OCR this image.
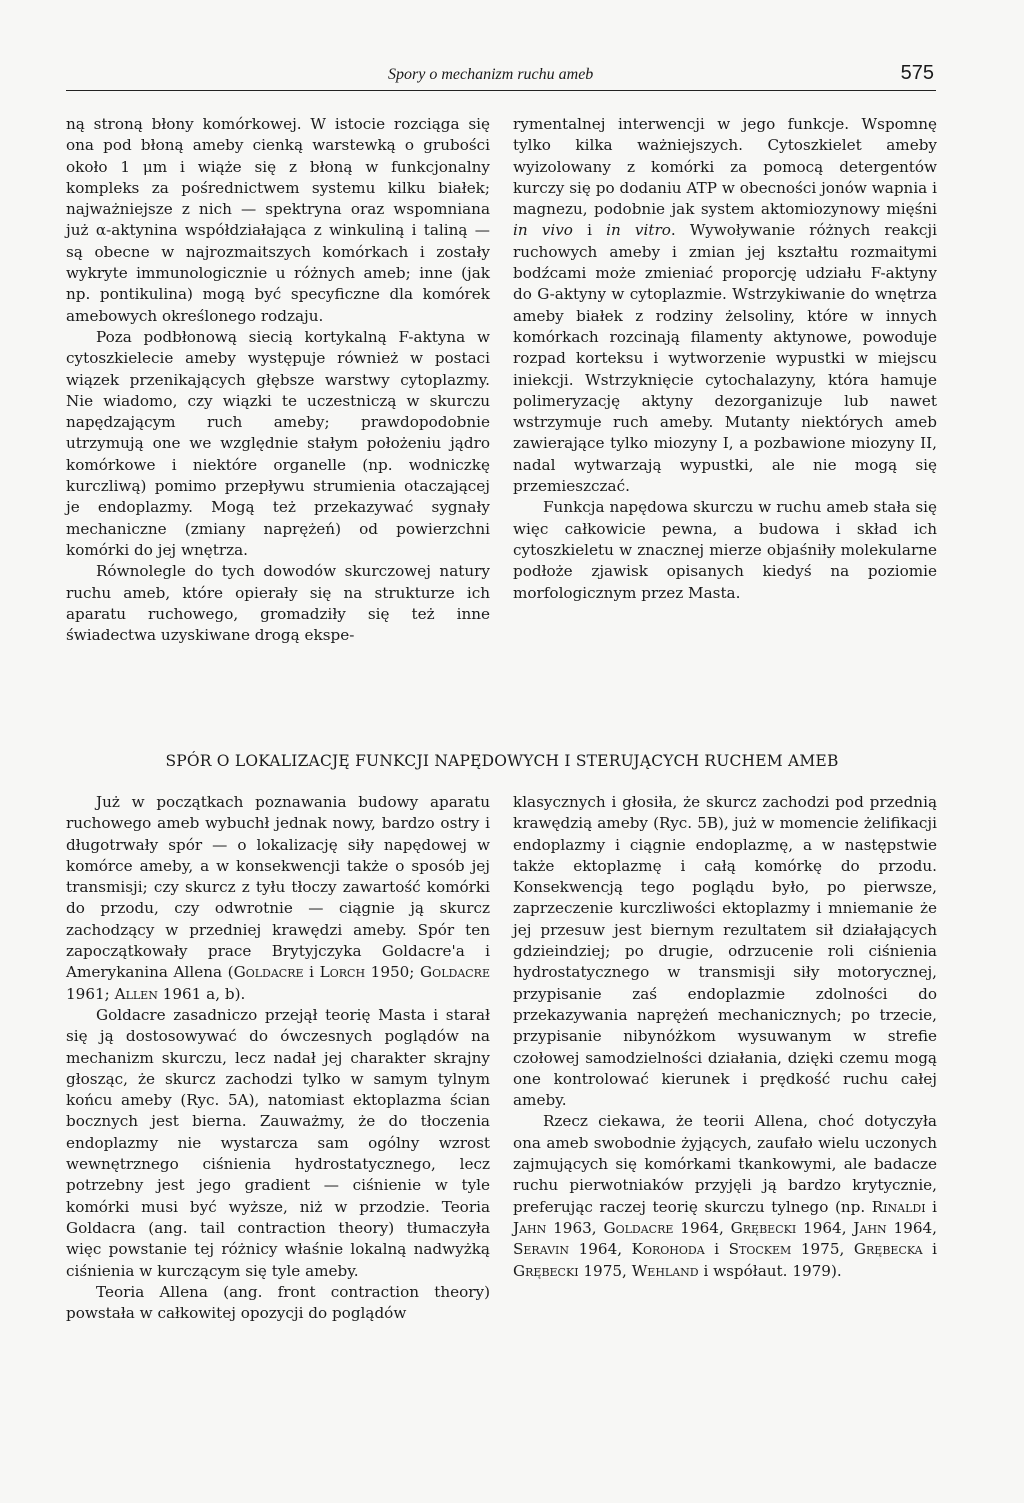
Spory o mechanizm ruchu ameb	575

ną stroną błony komórkowej. W istocie rozciąga się ona pod błoną ameby cienką warstewką o grubości około 1 μm i wiąże się z błoną w funkcjonalny kompleks za pośrednictwem systemu kilku białek; najważniejsze z nich — spektryna oraz wspomniana już α-aktynina współdziałająca z winkuliną i taliną — są obecne w najrozmaitszych komórkach i zostały wykryte immunologicznie u różnych ameb; inne (jak np. pontikulina) mogą być specyficzne dla komórek amebowych określonego rodzaju.

Poza podbłonową siecią kortykalną F-aktyna w cytoszkielecie ameby występuje również w postaci wiązek przenikających głębsze warstwy cytoplazmy. Nie wiadomo, czy wiązki te uczestniczą w skurczu napędzającym ruch ameby; prawdopodobnie utrzymują one we względnie stałym położeniu jądro komórkowe i niektóre organelle (np. wodniczkę kurczliwą) pomimo przepływu strumienia otaczającej je endoplazmy. Mogą też przekazywać sygnały mechaniczne (zmiany naprężeń) od powierzchni komórki do jej wnętrza.

Równolegle do tych dowodów skurczowej natury ruchu ameb, które opierały się na strukturze ich aparatu ruchowego, gromadziły się też inne świadectwa uzyskiwane drogą ekspe-

rymentalnej interwencji w jego funkcje. Wspomnę tylko kilka ważniejszych. Cytoszkielet ameby wyizolowany z komórki za pomocą detergentów kurczy się po dodaniu ATP w obecności jonów wapnia i magnezu, podobnie jak system aktomiozynowy mięśni in vivo i in vitro. Wywoływanie różnych reakcji ruchowych ameby i zmian jej kształtu rozmaitymi bodźcami może zmieniać proporcję udziału F-aktyny do G-aktyny w cytoplazmie. Wstrzykiwanie do wnętrza ameby białek z rodziny żelsoliny, które w innych komórkach rozcinają filamenty aktynowe, powoduje rozpad korteksu i wytworzenie wypustki w miejscu iniekcji. Wstrzyknięcie cytochalazyny, która hamuje polimeryzację aktyny dezorganizuje lub nawet wstrzymuje ruch ameby. Mutanty niektórych ameb zawierające tylko miozyny I, a pozbawione miozyny II, nadal wytwarzają wypustki, ale nie mogą się przemieszczać.

Funkcja napędowa skurczu w ruchu ameb stała się więc całkowicie pewna, a budowa i skład ich cytoszkieletu w znacznej mierze objaśniły molekularne podłoże zjawisk opisanych kiedyś na poziomie morfologicznym przez Masta.

SPÓR O LOKALIZACJĘ FUNKCJI NAPĘDOWYCH I STERUJĄCYCH RUCHEM AMEB

Już w początkach poznawania budowy aparatu ruchowego ameb wybuchł jednak nowy, bardzo ostry i długotrwały spór — o lokalizację siły napędowej w komórce ameby, a w konsekwencji także o sposób jej transmisji; czy skurcz z tyłu tłoczy zawartość komórki do przodu, czy odwrotnie — ciągnie ją skurcz zachodzący w przedniej krawędzi ameby. Spór ten zapoczątkowały prace Brytyjczyka Goldacre'a i Amerykanina Allena (Goldacre i Lorch 1950; Goldacre 1961; Allen 1961 a, b).

Goldacre zasadniczo przejął teorię Masta i starał się ją dostosowywać do ówczesnych poglądów na mechanizm skurczu, lecz nadał jej charakter skrajny głosząc, że skurcz zachodzi tylko w samym tylnym końcu ameby (Ryc. 5A), natomiast ektoplazma ścian bocznych jest bierna. Zauważmy, że do tłoczenia endoplazmy nie wystarcza sam ogólny wzrost wewnętrznego ciśnienia hydrostatycznego, lecz potrzebny jest jego gradient — ciśnienie w tyle komórki musi być wyższe, niż w przodzie. Teoria Goldacra (ang. tail contraction theory) tłumaczyła więc powstanie tej różnicy właśnie lokalną nadwyżką ciśnienia w kurczącym się tyle ameby.

Teoria Allena (ang. front contraction theory) powstała w całkowitej opozycji do poglądów

klasycznych i głosiła, że skurcz zachodzi pod przednią krawędzią ameby (Ryc. 5B), już w momencie żelifikacji endoplazmy i ciągnie endoplazmę, a w następstwie także ektoplazmę i całą komórkę do przodu. Konsekwencją tego poglądu było, po pierwsze, zaprzeczenie kurczliwości ektoplazmy i mniemanie że jej przesuw jest biernym rezultatem sił działających gdzieindziej; po drugie, odrzucenie roli ciśnienia hydrostatycznego w transmisji siły motorycznej, przypisanie zaś endoplazmie zdolności do przekazywania naprężeń mechanicznych; po trzecie, przypisanie nibynóżkom wysuwanym w strefie czołowej samodzielności działania, dzięki czemu mogą one kontrolować kierunek i prędkość ruchu całej ameby.

Rzecz ciekawa, że teorii Allena, choć dotyczyła ona ameb swobodnie żyjących, zaufało wielu uczonych zajmujących się komórkami tkankowymi, ale badacze ruchu pierwotniaków przyjęli ją bardzo krytycznie, preferując raczej teorię skurczu tylnego (np. Rinaldi i Jahn 1963, Goldacre 1964, Grębecki 1964, Jahn 1964, Seravin 1964, Korohoda i Stockem 1975, Grębecka i Grębecki 1975, Wehland i współaut. 1979).
